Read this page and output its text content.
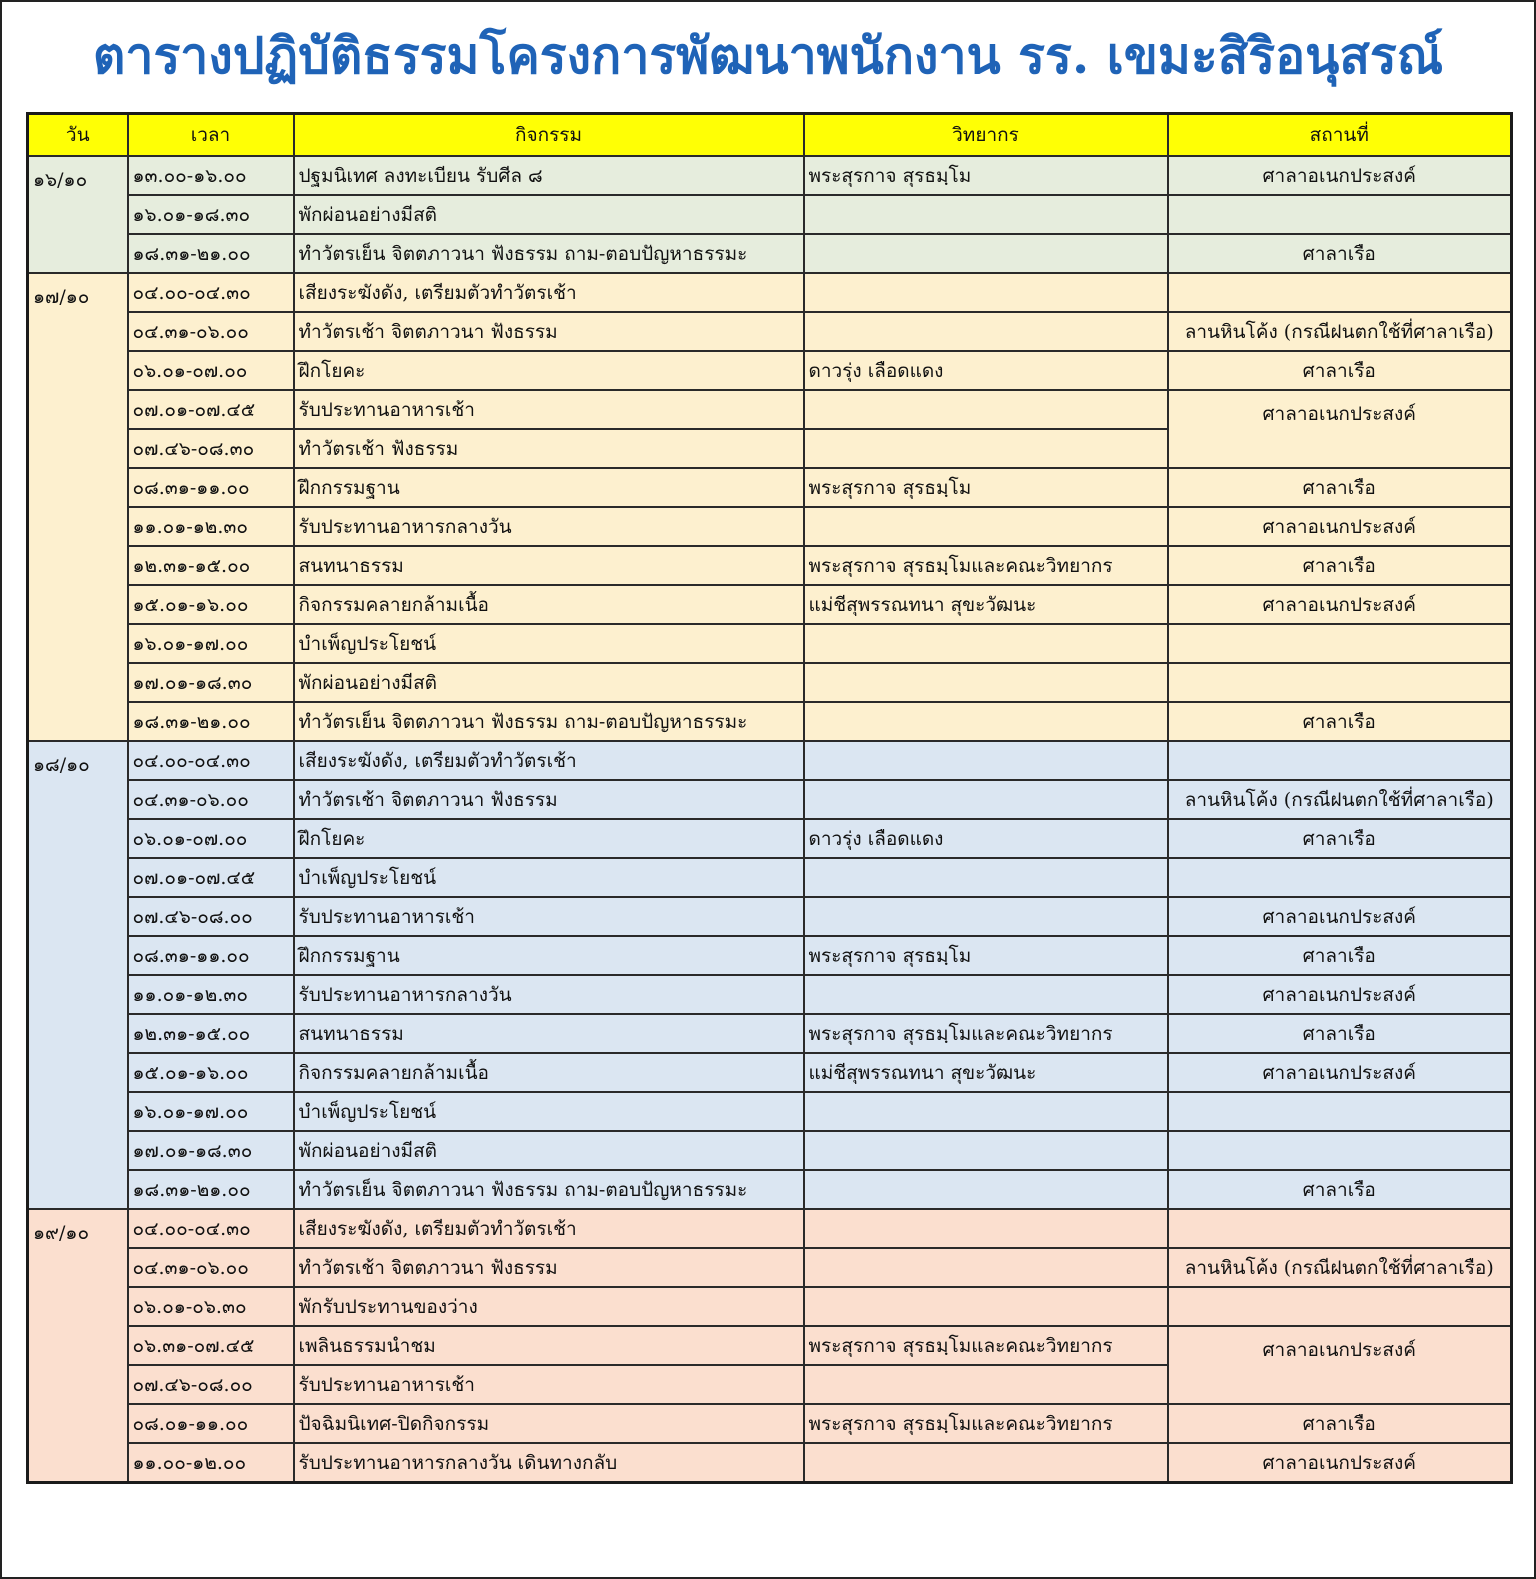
ตารางปฏิบัติธรรมโครงการพัฒนาพนักงาน รร. เขมะสิริอนุสรณ์
วัน	เวลา	กิจกรรม	วิทยากร	สถานที่
๑๖/๑๐	๑๓.๐๐-๑๖.๐๐	ปฐมนิเทศ ลงทะเบียน รับศีล ๘	พระสุรกาจ สุรธมฺโม	ศาลาอเนกประสงค์
	๑๖.๐๑-๑๘.๓๐	พักผ่อนอย่างมีสติ		
	๑๘.๓๑-๒๑.๐๐	ทำวัตรเย็น จิตตภาวนา ฟังธรรม ถาม-ตอบปัญหาธรรมะ		ศาลาเรือ
๑๗/๑๐	๐๔.๐๐-๐๔.๓๐	เสียงระฆังดัง, เตรียมตัวทำวัตรเช้า		
	๐๔.๓๑-๐๖.๐๐	ทำวัตรเช้า จิตตภาวนา ฟังธรรม		ลานหินโค้ง (กรณีฝนตกใช้ที่ศาลาเรือ)
	๐๖.๐๑-๐๗.๐๐	ฝึกโยคะ	ดาวรุ่ง เลือดแดง	ศาลาเรือ
	๐๗.๐๑-๐๗.๔๕	รับประทานอาหารเช้า		ศาลาอเนกประสงค์
	๐๗.๔๖-๐๘.๓๐	ทำวัตรเช้า ฟังธรรม		
	๐๘.๓๑-๑๑.๐๐	ฝึกกรรมฐาน	พระสุรกาจ สุรธมฺโม	ศาลาเรือ
	๑๑.๐๑-๑๒.๓๐	รับประทานอาหารกลางวัน		ศาลาอเนกประสงค์
	๑๒.๓๑-๑๕.๐๐	สนทนาธรรม	พระสุรกาจ สุรธมฺโมและคณะวิทยากร	ศาลาเรือ
	๑๕.๐๑-๑๖.๐๐	กิจกรรมคลายกล้ามเนื้อ	แม่ชีสุพรรณทนา สุขะวัฒนะ	ศาลาอเนกประสงค์
	๑๖.๐๑-๑๗.๐๐	บำเพ็ญประโยชน์		
	๑๗.๐๑-๑๘.๓๐	พักผ่อนอย่างมีสติ		
	๑๘.๓๑-๒๑.๐๐	ทำวัตรเย็น จิตตภาวนา ฟังธรรม ถาม-ตอบปัญหาธรรมะ		ศาลาเรือ
๑๘/๑๐	๐๔.๐๐-๐๔.๓๐	เสียงระฆังดัง, เตรียมตัวทำวัตรเช้า		
	๐๔.๓๑-๐๖.๐๐	ทำวัตรเช้า จิตตภาวนา ฟังธรรม		ลานหินโค้ง (กรณีฝนตกใช้ที่ศาลาเรือ)
	๐๖.๐๑-๐๗.๐๐	ฝึกโยคะ	ดาวรุ่ง เลือดแดง	ศาลาเรือ
	๐๗.๐๑-๐๗.๔๕	บำเพ็ญประโยชน์		
	๐๗.๔๖-๐๘.๐๐	รับประทานอาหารเช้า		ศาลาอเนกประสงค์
	๐๘.๓๑-๑๑.๐๐	ฝึกกรรมฐาน	พระสุรกาจ สุรธมฺโม	ศาลาเรือ
	๑๑.๐๑-๑๒.๓๐	รับประทานอาหารกลางวัน		ศาลาอเนกประสงค์
	๑๒.๓๑-๑๕.๐๐	สนทนาธรรม	พระสุรกาจ สุรธมฺโมและคณะวิทยากร	ศาลาเรือ
	๑๕.๐๑-๑๖.๐๐	กิจกรรมคลายกล้ามเนื้อ	แม่ชีสุพรรณทนา สุขะวัฒนะ	ศาลาอเนกประสงค์
	๑๖.๐๑-๑๗.๐๐	บำเพ็ญประโยชน์		
	๑๗.๐๑-๑๘.๓๐	พักผ่อนอย่างมีสติ		
	๑๘.๓๑-๒๑.๐๐	ทำวัตรเย็น จิตตภาวนา ฟังธรรม ถาม-ตอบปัญหาธรรมะ		ศาลาเรือ
๑๙/๑๐	๐๔.๐๐-๐๔.๓๐	เสียงระฆังดัง, เตรียมตัวทำวัตรเช้า		
	๐๔.๓๑-๐๖.๐๐	ทำวัตรเช้า จิตตภาวนา ฟังธรรม		ลานหินโค้ง (กรณีฝนตกใช้ที่ศาลาเรือ)
	๐๖.๐๑-๐๖.๓๐	พักรับประทานของว่าง		
	๐๖.๓๑-๐๗.๔๕	เพลินธรรมนำชม	พระสุรกาจ สุรธมฺโมและคณะวิทยากร	ศาลาอเนกประสงค์
	๐๗.๔๖-๐๘.๐๐	รับประทานอาหารเช้า		
	๐๘.๐๑-๑๑.๐๐	ปัจฉิมนิเทศ-ปิดกิจกรรม	พระสุรกาจ สุรธมฺโมและคณะวิทยากร	ศาลาเรือ
	๑๑.๐๐-๑๒.๐๐	รับประทานอาหารกลางวัน เดินทางกลับ		ศาลาอเนกประสงค์
